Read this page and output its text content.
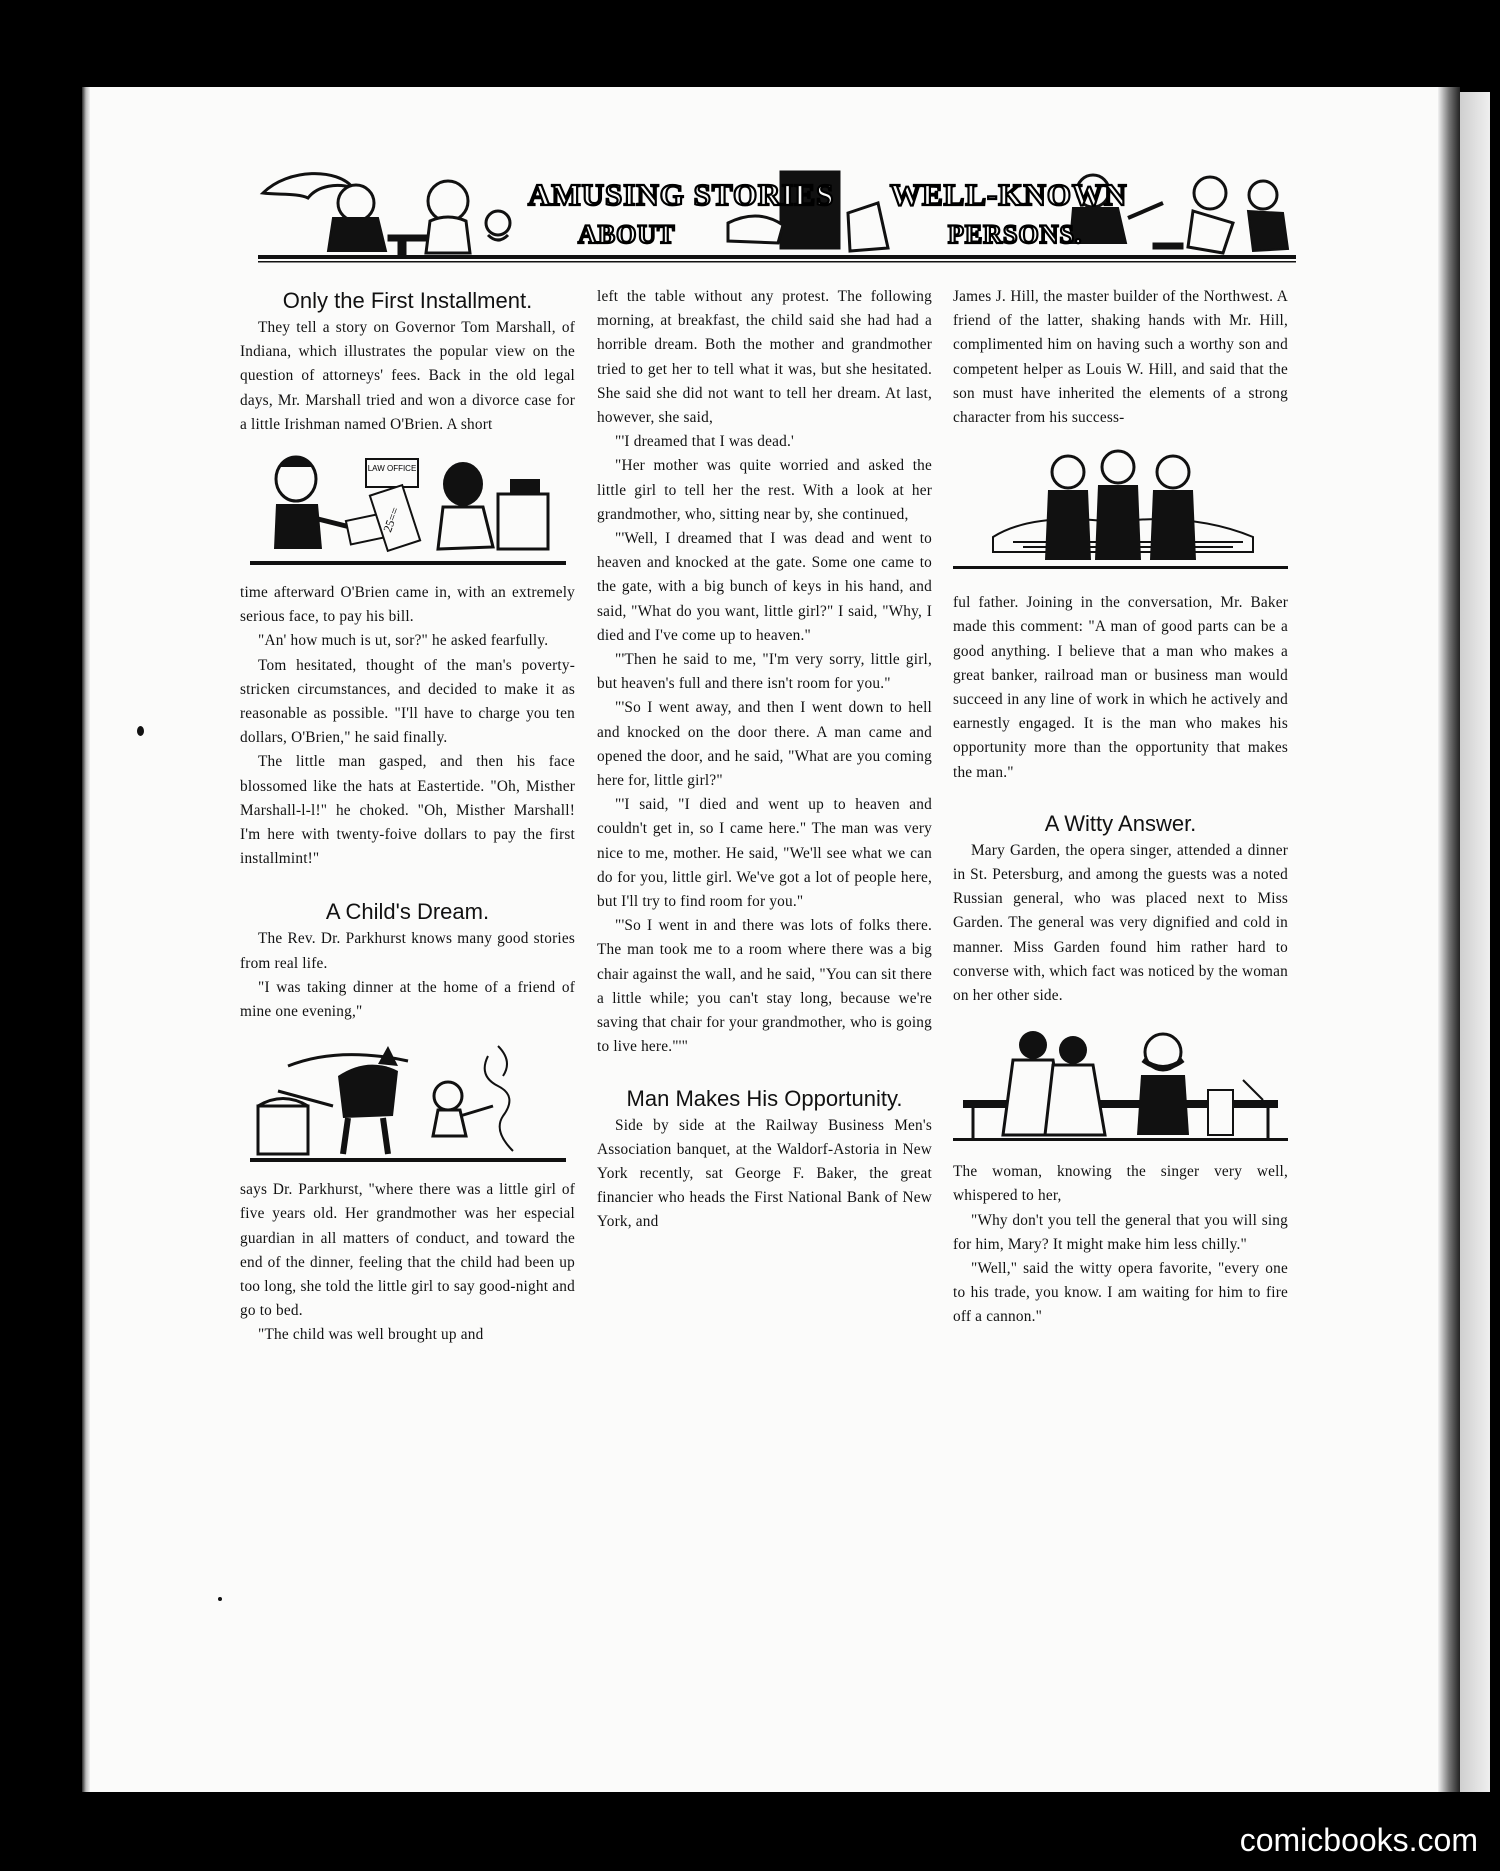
AMUSING STORIES
ABOUT
WELL-KNOWN
PERSONS.
Only the First Installment.

They tell a story on Governor Tom Marshall, of Indiana, which illustrates the popular view on the question of attorneys' fees. Back in the old legal days, Mr. Marshall tried and won a divorce case for a little Irishman named O'Brien. A short

LAW OFFICE
25==

time afterward O'Brien came in, with an extremely serious face, to pay his bill.

"An' how much is ut, sor?" he asked fearfully.

Tom hesitated, thought of the man's poverty-stricken circumstances, and decided to make it as reasonable as possible. "I'll have to charge you ten dollars, O'Brien," he said finally.

The little man gasped, and then his face blossomed like the hats at Eastertide. "Oh, Misther Marshall-l-l!" he choked. "Oh, Misther Marshall! I'm here with twenty-foive dollars to pay the first installmint!"

A Child's Dream.

The Rev. Dr. Parkhurst knows many good stories from real life.

"I was taking dinner at the home of a friend of mine one evening,"

says Dr. Parkhurst, "where there was a little girl of five years old. Her grandmother was her especial guardian in all matters of conduct, and toward the end of the dinner, feeling that the child had been up too long, she told the little girl to say good-night and go to bed.

"The child was well brought up and

left the table without any protest. The following morning, at breakfast, the child said she had had a horrible dream. Both the mother and grandmother tried to get her to tell what it was, but she hesitated. She said she did not want to tell her dream. At last, however, she said,

"'I dreamed that I was dead.'

"Her mother was quite worried and asked the little girl to tell her the rest. With a look at her grandmother, who, sitting near by, she continued,

"'Well, I dreamed that I was dead and went to heaven and knocked at the gate. Some one came to the gate, with a big bunch of keys in his hand, and said, "What do you want, little girl?" I said, "Why, I died and I've come up to heaven."

"'Then he said to me, "I'm very sorry, little girl, but heaven's full and there isn't room for you."

"'So I went away, and then I went down to hell and knocked on the door there. A man came and opened the door, and he said, "What are you coming here for, little girl?"

"'I said, "I died and went up to heaven and couldn't get in, so I came here." The man was very nice to me, mother. He said, "We'll see what we can do for you, little girl. We've got a lot of people here, but I'll try to find room for you."

"'So I went in and there was lots of folks there. The man took me to a room where there was a big chair against the wall, and he said, "You can sit there a little while; you can't stay long, because we're saving that chair for your grandmother, who is going to live here."'"

Man Makes His Opportunity.

Side by side at the Railway Business Men's Association banquet, at the Waldorf-Astoria in New York recently, sat George F. Baker, the great financier who heads the First National Bank of New York, and

James J. Hill, the master builder of the Northwest. A friend of the latter, shaking hands with Mr. Hill, complimented him on having such a worthy son and competent helper as Louis W. Hill, and said that the son must have inherited the elements of a strong character from his success-

ful father. Joining in the conversation, Mr. Baker made this comment: "A man of good parts can be a good anything. I believe that a man who makes a great banker, railroad man or business man would succeed in any line of work in which he actively and earnestly engaged. It is the man who makes his opportunity more than the opportunity that makes the man."

A Witty Answer.

Mary Garden, the opera singer, attended a dinner in St. Petersburg, and among the guests was a noted Russian general, who was placed next to Miss Garden. The general was very dignified and cold in manner. Miss Garden found him rather hard to converse with, which fact was noticed by the woman on her other side.

The woman, knowing the singer very well, whispered to her,

"Why don't you tell the general that you will sing for him, Mary? It might make him less chilly."

"Well," said the witty opera favorite, "every one to his trade, you know. I am waiting for him to fire off a cannon."

comicbooks.com
